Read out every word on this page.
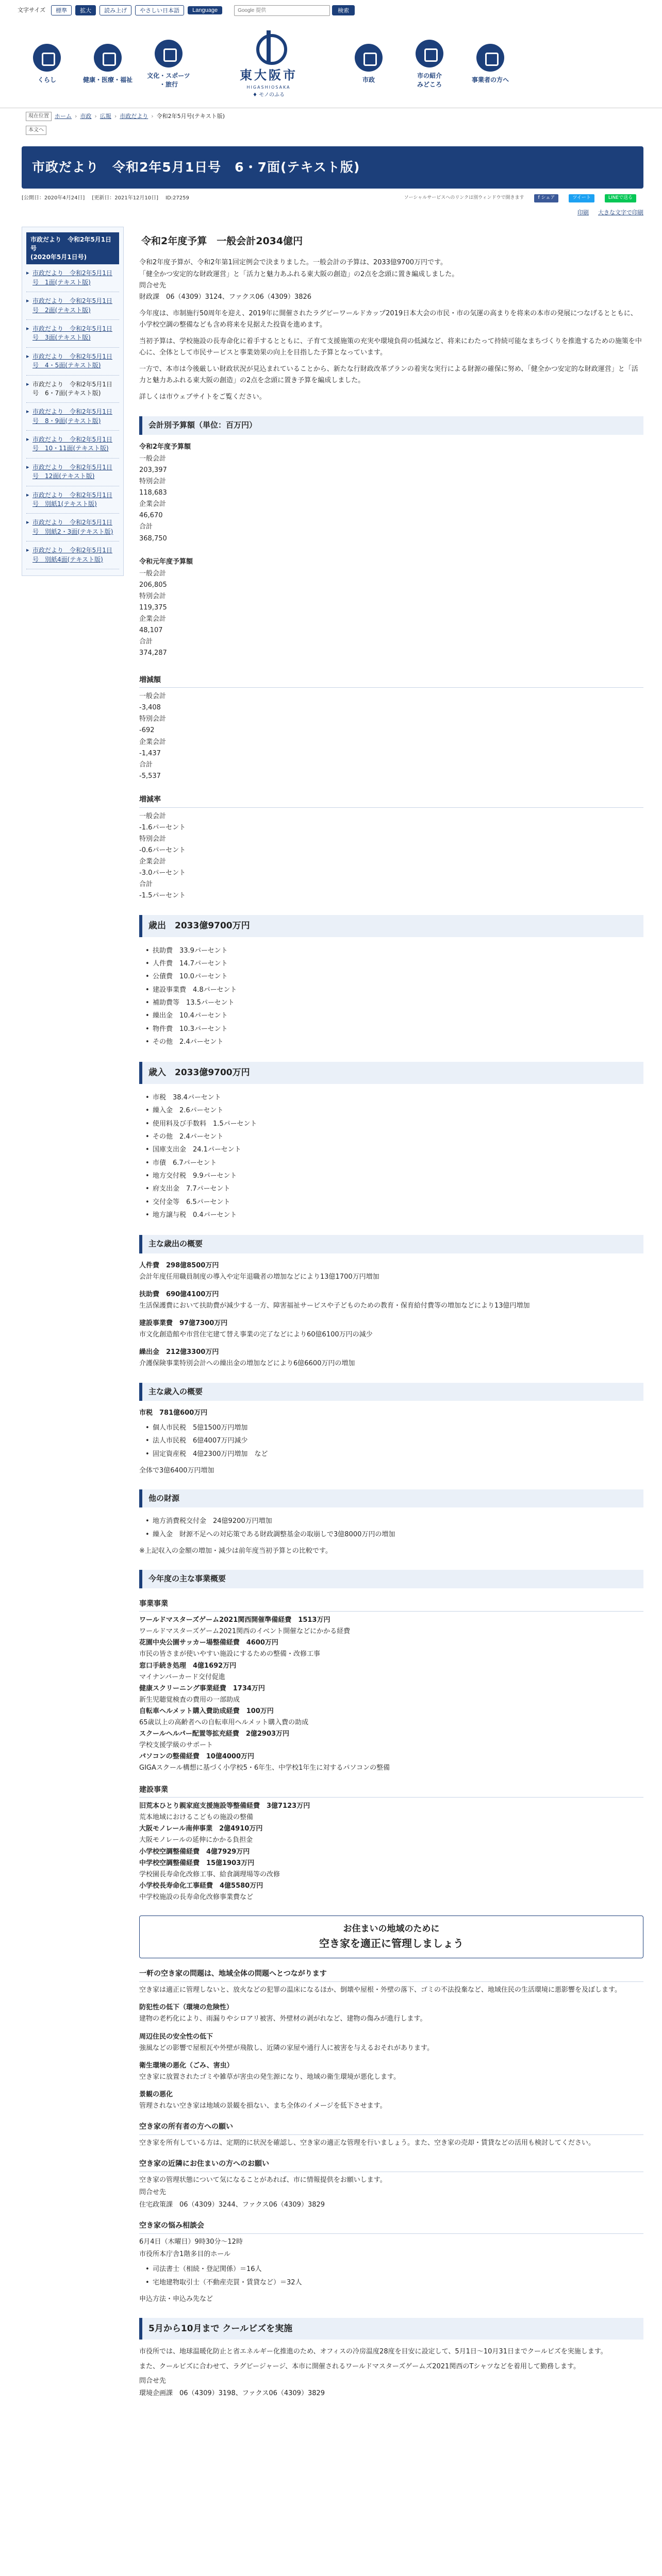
文字サイズ	標準	拡大	読み上げ	やさしい日本語	Language
Google 提供	検索
くらし	健康・医療・福祉
文化・スポーツ
・旅行
東大阪市
HIGASHIOSAKA
♦ モノのふる
市政
市の紹介
みどころ
事業者の方へ
現在位置	ホーム › 市政 › 広報 › 市政だより › 令和2年5月号(テキスト版)
本文へ
市政だより　令和2年5月1日号　6・7面(テキスト版)
[公開日：2020年4月24日] [更新日：2021年12月10日] ID:27259	ソーシャルサービスへのリンクは別ウィンドウで開きます	f シェア	ツイート	LINEで送る
印刷 大きな文字で印刷
市政だより　令和2年5月1日号
(2020年5月1日号)
▸ 市政だより　令和2年5月1日号　1面(テキスト版)
▸ 市政だより　令和2年5月1日号　2面(テキスト版)
▸ 市政だより　令和2年5月1日号　3面(テキスト版)
▸ 市政だより　令和2年5月1日号　4・5面(テキスト版)
▸ 市政だより　令和2年5月1日号　6・7面(テキスト版)
▸ 市政だより　令和2年5月1日号　8・9面(テキスト版)
▸ 市政だより　令和2年5月1日号　10・11面(テキスト版)
▸ 市政だより　令和2年5月1日号　12面(テキスト版)
▸ 市政だより　令和2年5月1日号　別紙1(テキスト版)
▸ 市政だより　令和2年5月1日号　別紙2・3面(テキスト版)
▸ 市政だより　令和2年5月1日号　別紙4面(テキスト版)
令和2年度予算　一般会計2034億円

令和2年度予算が、令和2年第1回定例会で決まりました。一般会計の予算は、2033億9700万円です。

「健全かつ安定的な財政運営」と「活力と魅力あふれる東大阪の創造」の2点を念頭に置き編成しました。

問合せ先

財政課　06（4309）3124、ファクス06（4309）3826

今年度は、市制施行50周年を迎え、2019年に開催されたラグビーワールドカップ2019日本大会の市民・市の気運の高まりを将来の本市の発展につなげるとともに、小学校空調の整備なども含め将来を見据えた投資を進めます。

当初予算は、学校施設の長寿命化に着手するとともに、子育て支援施策の充実や環境負荷の低減など、将来にわたって持続可能なまちづくりを推進するための施策を中心に、全体として市民サービスと事業効果の向上を目指した予算となっています。

一方で、本市は今後厳しい財政状況が見込まれていることから、新たな行財政改革プランの着実な実行による財源の確保に努め、「健全かつ安定的な財政運営」と「活力と魅力あふれる東大阪の創造」の2点を念頭に置き予算を編成しました。

詳しくは市ウェブサイトをご覧ください。

会計別予算額（単位：百万円）
令和2年度予算額

一般会計

203,397

特別会計

118,683

企業会計

46,670

合計

368,750

令和元年度予算額

一般会計

206,805

特別会計

119,375

企業会計

48,107

合計

374,287

増減額

一般会計

-3,408

特別会計

-692

企業会計

-1,437

合計

-5,537

増減率

一般会計

-1.6パーセント

特別会計

-0.6パーセント

企業会計

-3.0パーセント

合計

-1.5パーセント

歳出　2033億9700万円
• 扶助費　33.9パーセント
• 人件費　14.7パーセント
• 公債費　10.0パーセント
• 建設事業費　4.8パーセント
• 補助費等　13.5パーセント
• 繰出金　10.4パーセント
• 物件費　10.3パーセント
• その他　2.4パーセント
歳入　2033億9700万円
• 市税　38.4パーセント
• 繰入金　2.6パーセント
• 使用料及び手数料　1.5パーセント
• その他　2.4パーセント
• 国庫支出金　24.1パーセント
• 市債　6.7パーセント
• 地方交付税　9.9パーセント
• 府支出金　7.7パーセント
• 交付金等　6.5パーセント
• 地方譲与税　0.4パーセント
主な歳出の概要
人件費　298億8500万円

会計年度任用職員制度の導入や定年退職者の増加などにより13億1700万円増加

扶助費　690億4100万円

生活保護費において扶助費が減少する一方、障害福祉サービスや子どものための教育・保育給付費等の増加などにより13億円増加

建設事業費　97億7300万円

市文化創造館や市営住宅建て替え事業の完了などにより60億6100万円の減少

繰出金　212億3300万円

介護保険事業特別会計への繰出金の増加などにより6億6600万円の増加

主な歳入の概要
市税　781億600万円
• 個人市民税　5億1500万円増加
• 法人市民税　6億4007万円減少
• 固定資産税　4億2300万円増加　など

全体で3億6400万円増加

他の財源
• 地方消費税交付金　24億9200万円増加
• 繰入金　財源不足への対応策である財政調整基金の取崩しで3億8000万円の増加

※上記収入の金額の増加・減少は前年度当初予算との比較です。

今年度の主な事業概要
事業事業

ワールドマスターズゲーム2021関西開催準備経費　1513万円

ワールドマスターズゲーム2021関西のイベント開催などにかかる経費

花園中央公園サッカー場整備経費　4600万円

市民の皆さまが使いやすい施設にするための整備・改修工事

窓口手続き処理　4億1692万円

マイナンバーカード交付促進

健康スクリーニング事業経費　1734万円

新生児聴覚検査の費用の一部助成

自転車ヘルメット購入費助成経費　100万円

65歳以上の高齢者への自転車用ヘルメット購入費の助成

スクールヘルパー配置等拡充経費　2億2903万円

学校支援学級のサポート

パソコンの整備経費　10億4000万円

GIGAスクール構想に基づく小学校5・6年生、中学校1年生に対するパソコンの整備

建設事業

旧荒本ひとり親家庭支援施設等整備経費　3億7123万円

荒本地域におけるこどもの施設の整備

大阪モノレール南伸事業　2億4910万円

大阪モノレールの延伸にかかる負担金

小学校空調整備経費　4億7929万円

中学校空調整備経費　15億1903万円

学校園長寿命化改修工事、給食調理場等の改修

小学校長寿命化工事経費　4億5580万円

中学校施設の長寿命化改修事業費など

お住まいの地域のために
空き家を適正に管理しましょう
一軒の空き家の問題は、地域全体の問題へとつながります

空き家は適正に管理しないと、放火などの犯罪の温床になるほか、倒壊や屋根・外壁の落下、ゴミの不法投棄など、地域住民の生活環境に悪影響を及ぼします。

防犯性の低下（環境の危険性）

建物の老朽化により、雨漏りやシロアリ被害、外壁材の剥がれなど、建物の傷みが進行します。

周辺住民の安全性の低下

強風などの影響で屋根瓦や外壁が飛散し、近隣の家屋や通行人に被害を与えるおそれがあります。

衛生環境の悪化（ごみ、害虫）

空き家に放置されたゴミや雑草が害虫の発生源になり、地域の衛生環境が悪化します。

景観の悪化

管理されない空き家は地域の景観を損ない、まち全体のイメージを低下させます。

空き家の所有者の方への願い

空き家を所有している方は、定期的に状況を確認し、空き家の適正な管理を行いましょう。また、空き家の売却・賃貸などの活用も検討してください。

空き家の近隣にお住まいの方へのお願い

空き家の管理状態について気になることがあれば、市に情報提供をお願いします。

問合せ先

住宅政策課　06（4309）3244、ファクス06（4309）3829

空き家の悩み相談会

6月4日（木曜日）9時30分～12時

市役所本庁舎1階多目的ホール

• 司法書士（相続・登記関係）＝16人
• 宅地建物取引士（不動産売買・賃貸など）＝32人

申込方法・申込み先など

5月から10月まで クールビズを実施

市役所では、地球温暖化防止と省エネルギー化推進のため、オフィスの冷房温度28度を目安に設定して、5月1日～10月31日までクールビズを実施します。

また、クールビズに合わせて、ラグビージャージ、本市に開催されるワールドマスターズゲームズ2021関西のTシャツなどを着用して勤務します。

問合せ先

環境企画課　06（4309）3198、ファクス06（4309）3829
